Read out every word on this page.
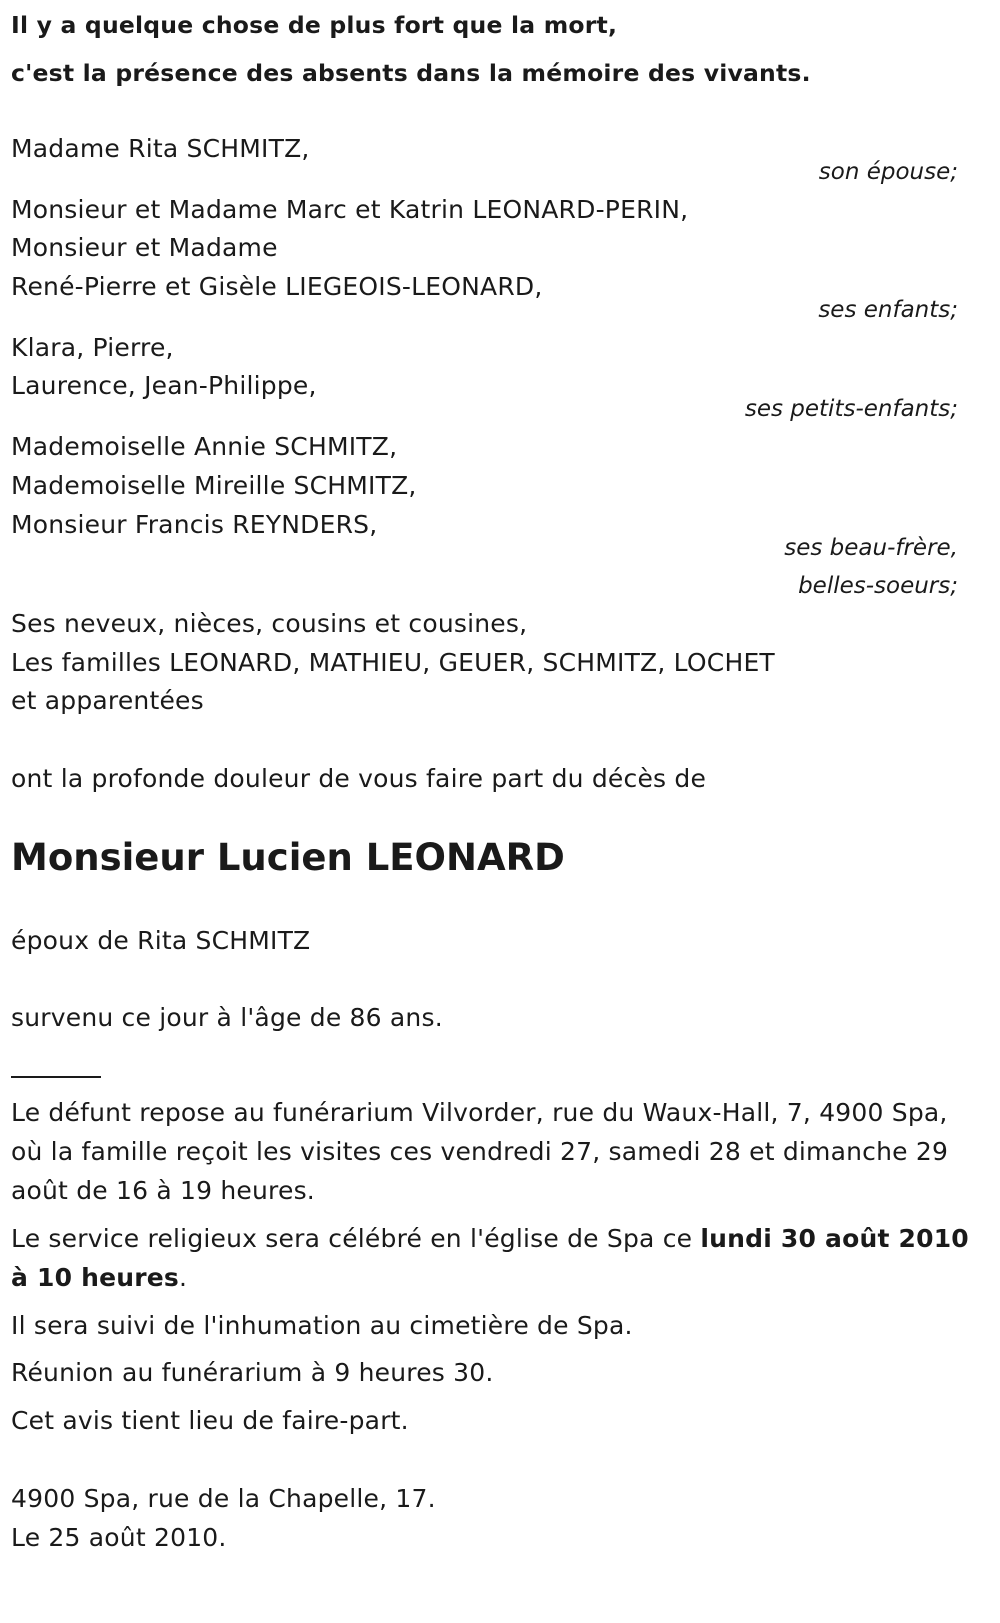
Il y a quelque chose de plus fort que la mort,
c'est la présence des absents dans la mémoire des vivants.
Madame Rita SCHMITZ,
son épouse;
Monsieur et Madame Marc et Katrin LEONARD-PERIN,
Monsieur et Madame
René-Pierre et Gisèle LIEGEOIS-LEONARD,
ses enfants;
Klara, Pierre,
Laurence, Jean-Philippe,
ses petits-enfants;
Mademoiselle Annie SCHMITZ,
Mademoiselle Mireille SCHMITZ,
Monsieur Francis REYNDERS,
ses beau-frère,
belles-soeurs;
Ses neveux, nièces, cousins et cousines,
Les familles LEONARD, MATHIEU, GEUER, SCHMITZ, LOCHET
et apparentées
ont la profonde douleur de vous faire part du décès de
Monsieur Lucien LEONARD
époux de Rita SCHMITZ
survenu ce jour à l'âge de 86 ans.
Le défunt repose au funérarium Vilvorder, rue du Waux-Hall, 7, 4900 Spa,
où la famille reçoit les visites ces vendredi 27, samedi 28 et dimanche 29
août de 16 à 19 heures.
Le service religieux sera célébré en l'église de Spa ce lundi 30 août 2010
à 10 heures.
Il sera suivi de l'inhumation au cimetière de Spa.
Réunion au funérarium à 9 heures 30.
Cet avis tient lieu de faire-part.
4900 Spa, rue de la Chapelle, 17.
Le 25 août 2010.
